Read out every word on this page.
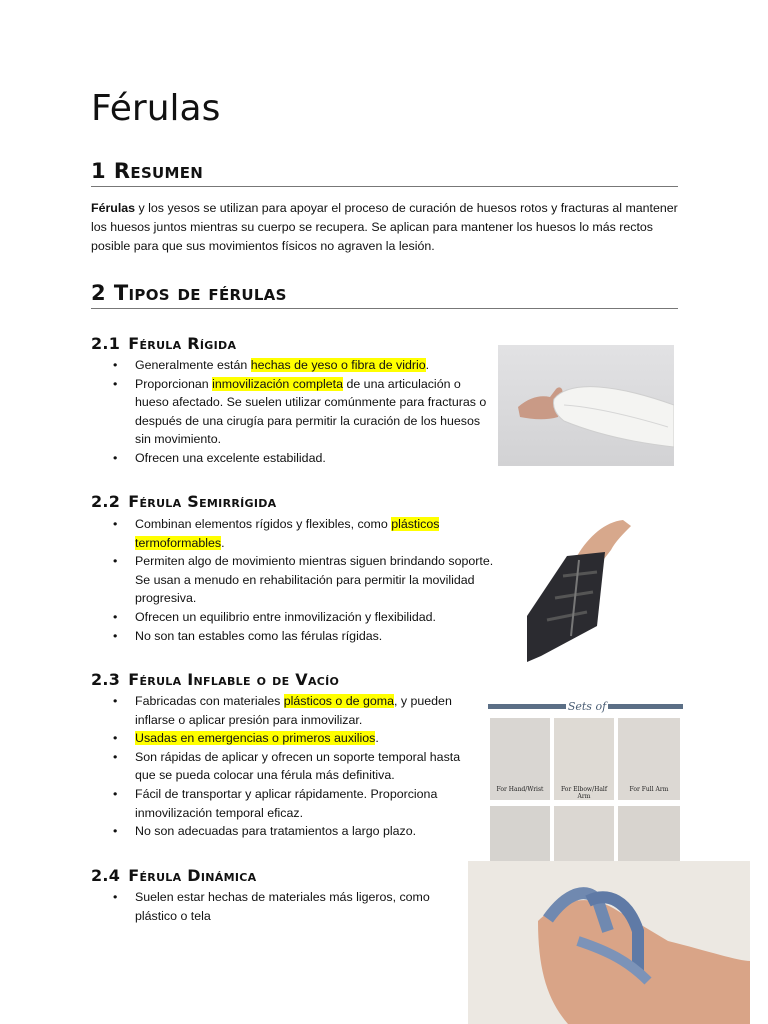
Férulas
1 Resumen

Férulas y los yesos se utilizan para apoyar el proceso de curación de huesos rotos y fracturas al mantener los huesos juntos mientras su cuerpo se recupera. Se aplican para mantener los huesos lo más rectos posible para que sus movimientos físicos no agraven la lesión.

2 Tipos de férulas
2.1 Férula Rígida
• Generalmente están hechas de yeso o fibra de vidrio.
• Proporcionan inmovilización completa de una articulación o hueso afectado. Se suelen utilizar comúnmente para fracturas o después de una cirugía para permitir la curación de los huesos sin movimiento.
• Ofrecen una excelente estabilidad.
2.2 Férula Semirrígida
• Combinan elementos rígidos y flexibles, como plásticos termoformables.
• Permiten algo de movimiento mientras siguen brindando soporte. Se usan a menudo en rehabilitación para permitir la movilidad progresiva.
• Ofrecen un equilibrio entre inmovilización y flexibilidad.
• No son tan estables como las férulas rígidas.
2.3 Férula Inflable o de Vacío
• Fabricadas con materiales plásticos o de goma, y pueden inflarse o aplicar presión para inmovilizar.
• Usadas en emergencias o primeros auxilios.
• Son rápidas de aplicar y ofrecen un soporte temporal hasta que se pueda colocar una férula más definitiva.
• Fácil de transportar y aplicar rápidamente. Proporciona inmovilización temporal eficaz.
• No son adecuadas para tratamientos a largo plazo.
Sets of
For Hand/Wrist	For Elbow/Half Arm
For Full Arm
2.4 Férula Dinámica
• Suelen estar hechas de materiales más ligeros, como plástico o tela
